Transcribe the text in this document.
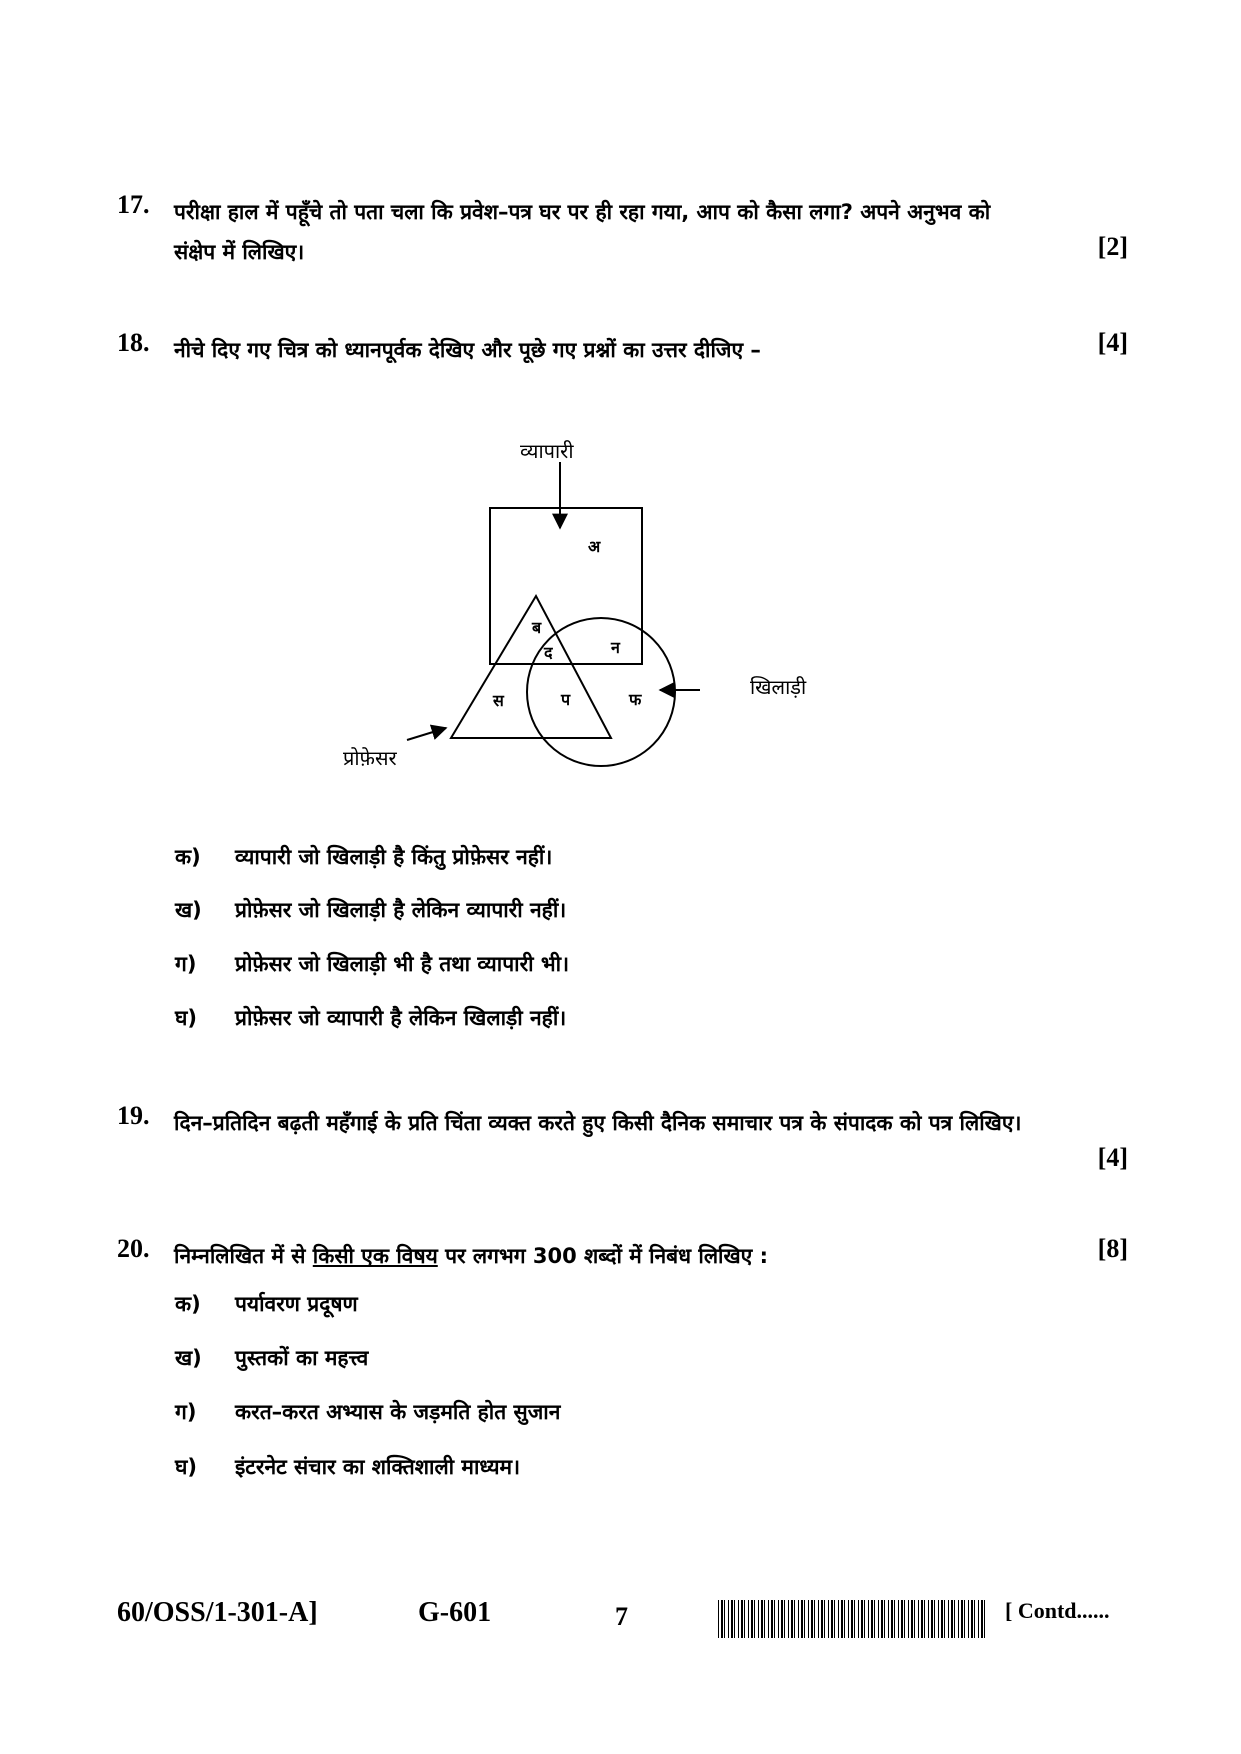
17. परीक्षा हाल में पहूँचे तो पता चला कि प्रवेश–पत्र घर पर ही रहा गया, आप को कैसा लगा? अपने अनुभव को
संक्षेप में लिखिए।	[2]
18. नीचे दिए गए चित्र को ध्यानपूर्वक देखिए और पूछे गए प्रश्नों का उत्तर दीजिए –	[4]
व्यापारी
खिलाड़ी
प्रोफ़ेसर
अ
ब
द	न
स	प	फ
क) व्यापारी जो खिलाड़ी है किंतु प्रोफ़ेसर नहीं।
ख) प्रोफ़ेसर जो खिलाड़ी है लेकिन व्यापारी नहीं।
ग) प्रोफ़ेसर जो खिलाड़ी भी है तथा व्यापारी भी।
घ) प्रोफ़ेसर जो व्यापारी है लेकिन खिलाड़ी नहीं।
19. दिन–प्रतिदिन बढ़ती महँगाई के प्रति चिंता व्यक्त करते हुए किसी दैनिक समाचार पत्र के संपादक को पत्र लिखिए।
[4]
20. निम्नलिखित में से किसी एक विषय पर लगभग 300 शब्दों में निबंध लिखिए :	[8]
क) पर्यावरण प्रदूषण
ख) पुस्तकों का महत्त्व
ग) करत–करत अभ्यास के जड़मति होत सुजान
घ) इंटरनेट संचार का शक्तिशाली माध्यम।
60/OSS/1-301-A]	G-601	7	[ Contd......
